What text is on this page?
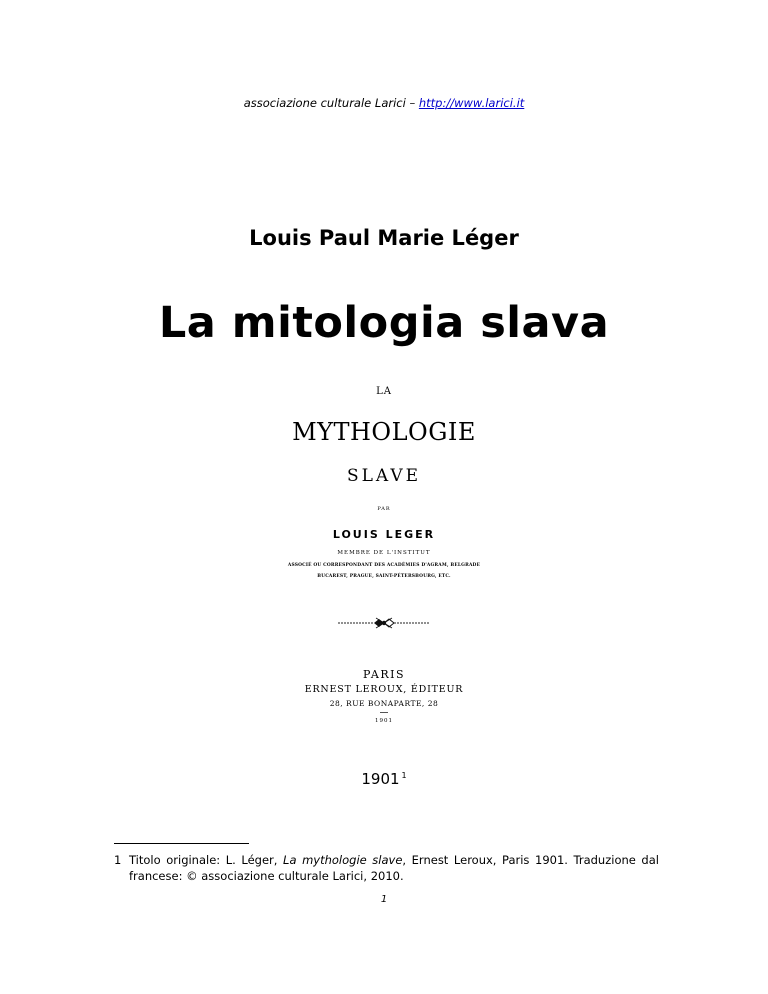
associazione culturale Larici – http://www.larici.it
Louis Paul Marie Léger
La mitologia slava
LA
MYTHOLOGIE
SLAVE
PAR
LOUIS LEGER
MEMBRE DE L'INSTITUT
ASSOCIÉ OU CORRESPONDANT DES ACADÉMIES D'AGRAM, BELGRADE
BUCAREST, PRAGUE, SAINT-PÉTERSBOURG, ETC.
PARIS
ERNEST LEROUX, ÉDITEUR
28, RUE BONAPARTE, 28
1901
1901 $^1$
1 Titolo originale: L. Léger, La mythologie slave, Ernest Leroux, Paris 1901. Traduzione dal francese: © associazione culturale Larici, 2010.
1
